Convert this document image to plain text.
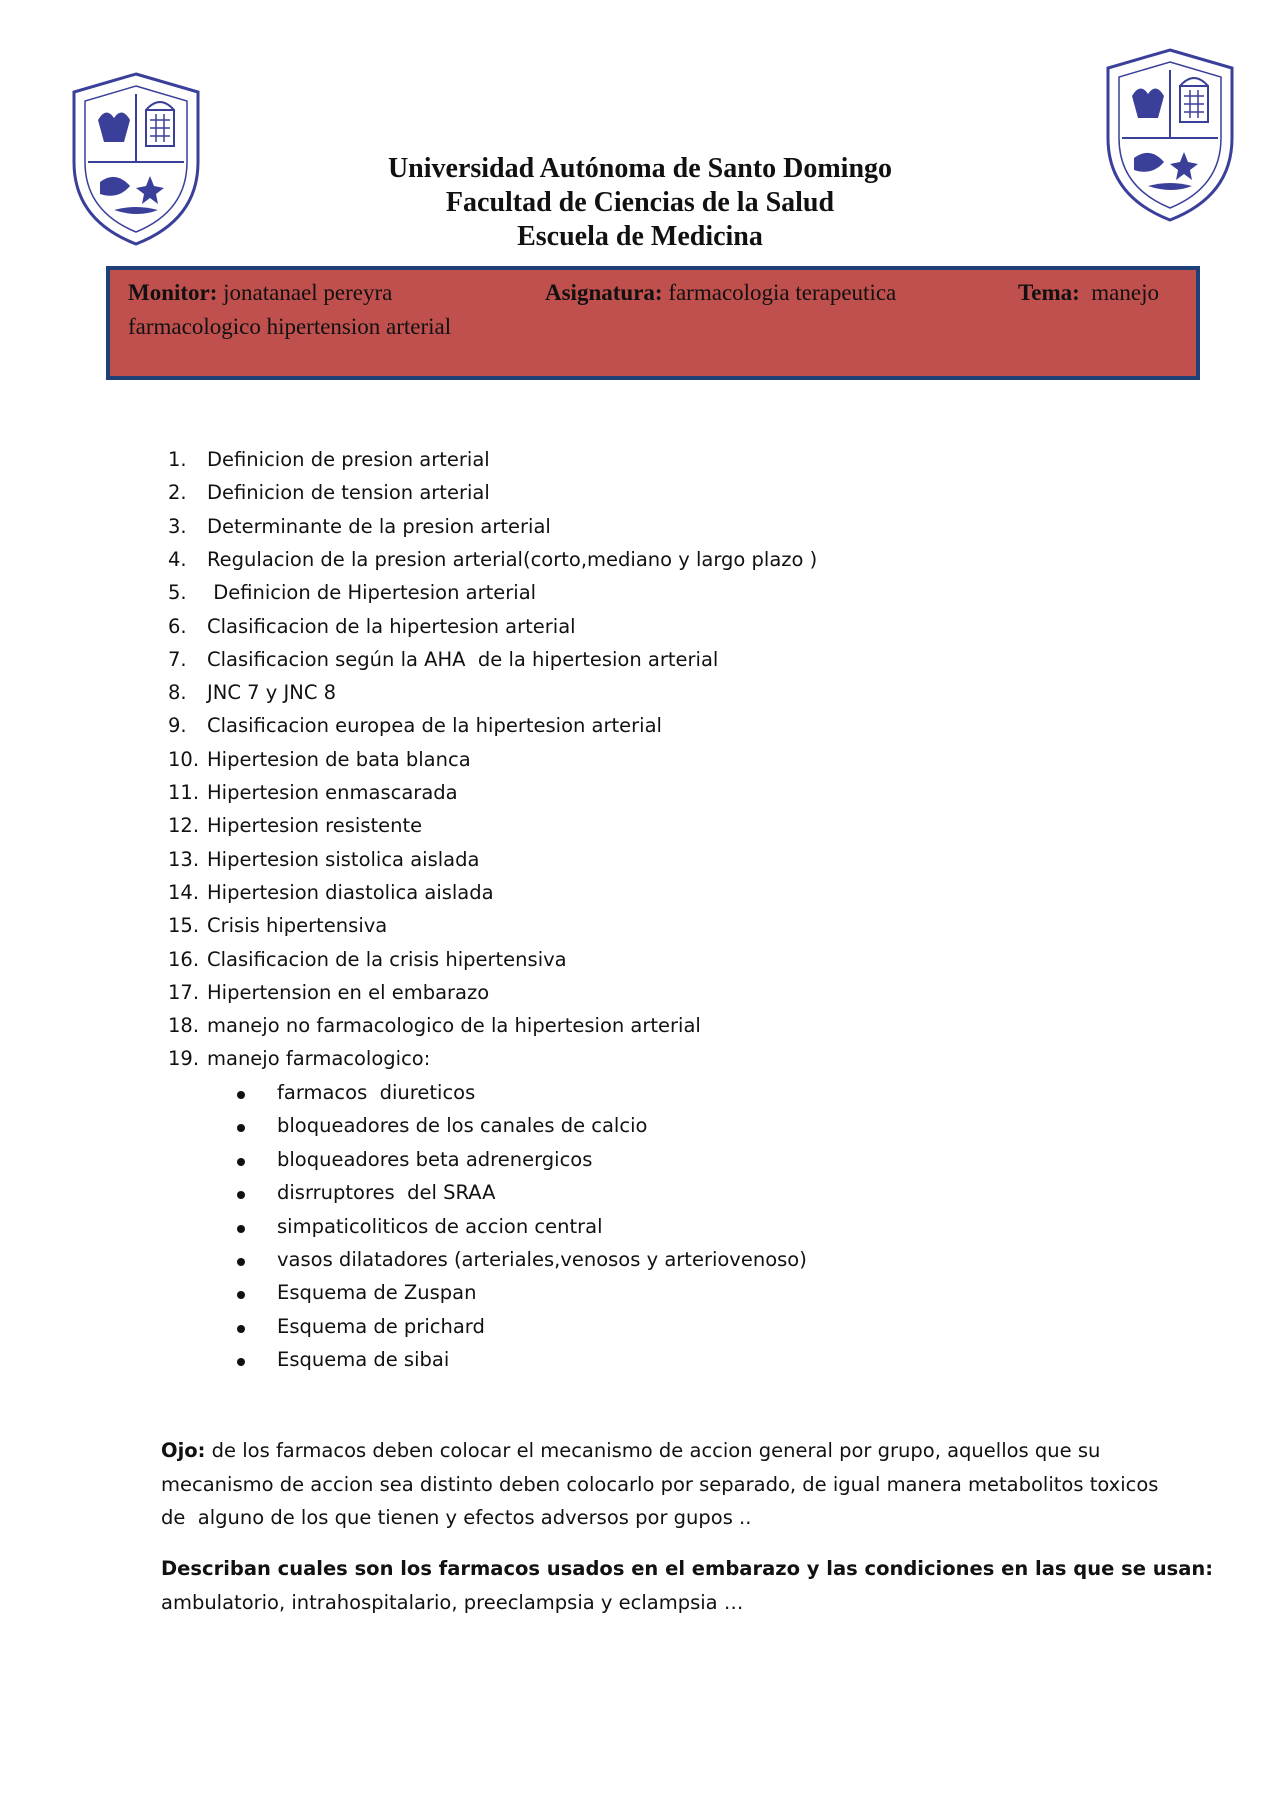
Universidad Autónoma de Santo Domingo
Facultad de Ciencias de la Salud
Escuela de Medicina
Monitor: jonatanael pereyra	Asignatura: farmacologia terapeutica	Tema: manejo
farmacologico hipertension arterial
1.	Definicion de presion arterial
2.	Definicion de tension arterial
3.	Determinante de la presion arterial
4.	Regulacion de la presion arterial(corto,mediano y largo plazo )
5.	Definicion de Hipertesion arterial
6.	Clasificacion de la hipertesion arterial
7.	Clasificacion según la AHA  de la hipertesion arterial
8.	JNC 7 y JNC 8
9.	Clasificacion europea de la hipertesion arterial
10. Hipertesion de bata blanca
11. Hipertesion enmascarada
12. Hipertesion resistente
13. Hipertesion sistolica aislada
14. Hipertesion diastolica aislada
15. Crisis hipertensiva
16. Clasificacion de la crisis hipertensiva
17. Hipertension en el embarazo
18. manejo no farmacologico de la hipertesion arterial
19. manejo farmacologico:
farmacos  diureticos
bloqueadores de los canales de calcio
bloqueadores beta adrenergicos
disrruptores  del SRAA
simpaticoliticos de accion central
vasos dilatadores (arteriales,venosos y arteriovenoso)
Esquema de Zuspan
Esquema de prichard
Esquema de sibai
Ojo: de los farmacos deben colocar el mecanismo de accion general por grupo, aquellos que su
mecanismo de accion sea distinto deben colocarlo por separado, de igual manera metabolitos toxicos
de  alguno de los que tienen y efectos adversos por gupos ..
Describan cuales son los farmacos usados en el embarazo y las condiciones en las que se usan:
ambulatorio, intrahospitalario, preeclampsia y eclampsia …
